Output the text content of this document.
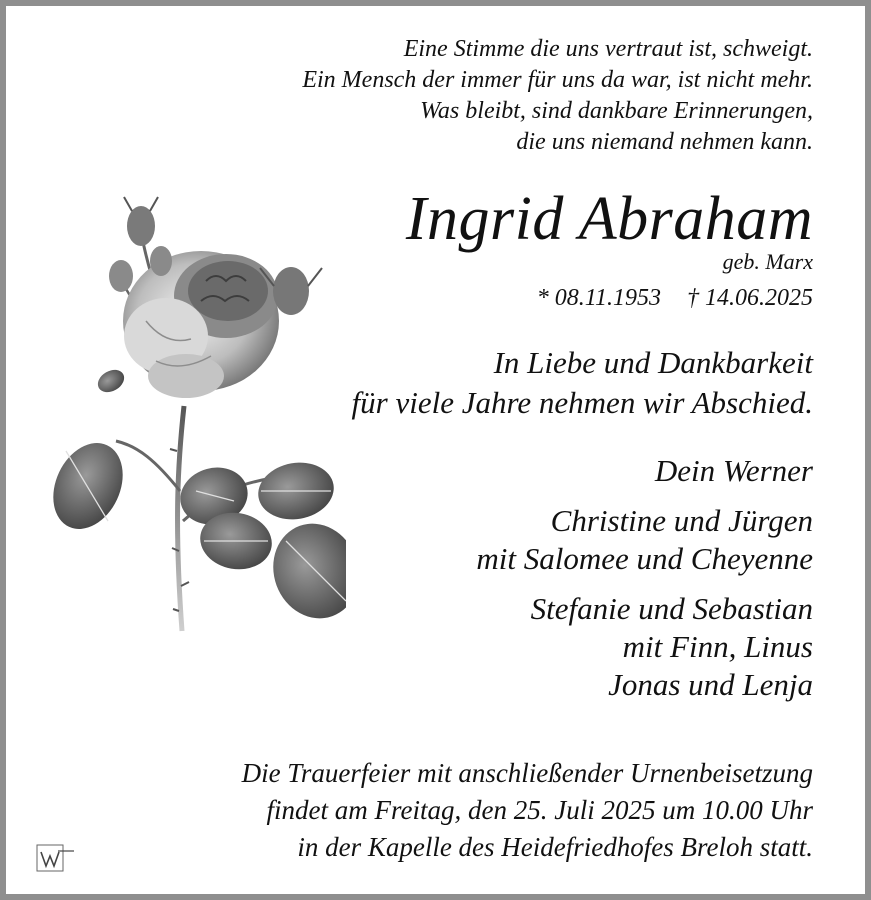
Eine Stimme die uns vertraut ist, schweigt.
Ein Mensch der immer für uns da war, ist nicht mehr.
Was bleibt, sind dankbare Erinnerungen,
die uns niemand nehmen kann.
Ingrid Abraham
geb. Marx
* 08.11.1953 † 14.06.2025
In Liebe und Dankbarkeit
für viele Jahre nehmen wir Abschied.
Dein Werner
Christine und Jürgen
mit Salomee und Cheyenne
Stefanie und Sebastian
mit Finn, Linus
Jonas und Lenja
Die Trauerfeier mit anschließender Urnenbeisetzung
findet am Freitag, den 25. Juli 2025 um 10.00 Uhr
in der Kapelle des Heidefriedhofes Breloh statt.
